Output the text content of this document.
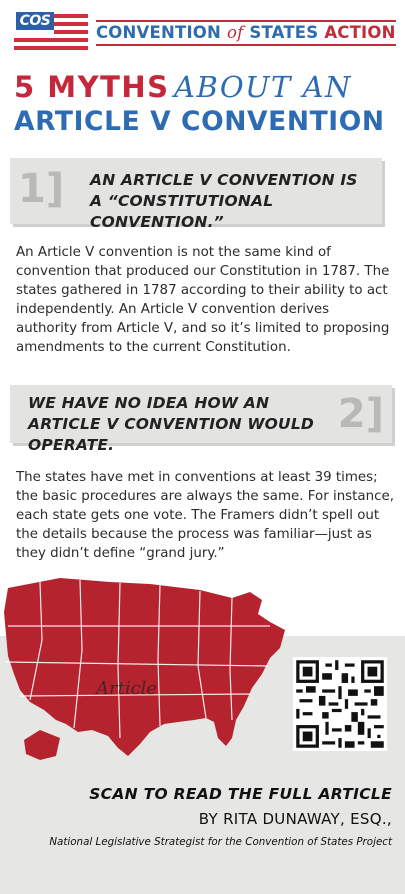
COS
CONVENTION of STATES ACTION
5 MYTHS ABOUT AN
ARTICLE V CONVENTION
1] AN ARTICLE V CONVENTION IS A “CONSTITUTIONAL CONVENTION.”
An Article V convention is not the same kind of convention that produced our Constitution in 1787. The states gathered in 1787 according to their ability to act independently. An Article V convention derives authority from Article V, and so it’s limited to proposing amendments to the current Constitution.
2]
WE HAVE NO IDEA HOW AN ARTICLE V CONVENTION WOULD OPERATE.
The states have met in conventions at least 39 times; the basic procedures are always the same. For instance, each state gets one vote. The Framers didn’t spell out the details because the process was familiar—just as they didn’t define “grand jury.”
Article
SCAN TO READ THE FULL ARTICLE
BY RITA DUNAWAY, ESQ.,
National Legislative Strategist for the Convention of States Project
